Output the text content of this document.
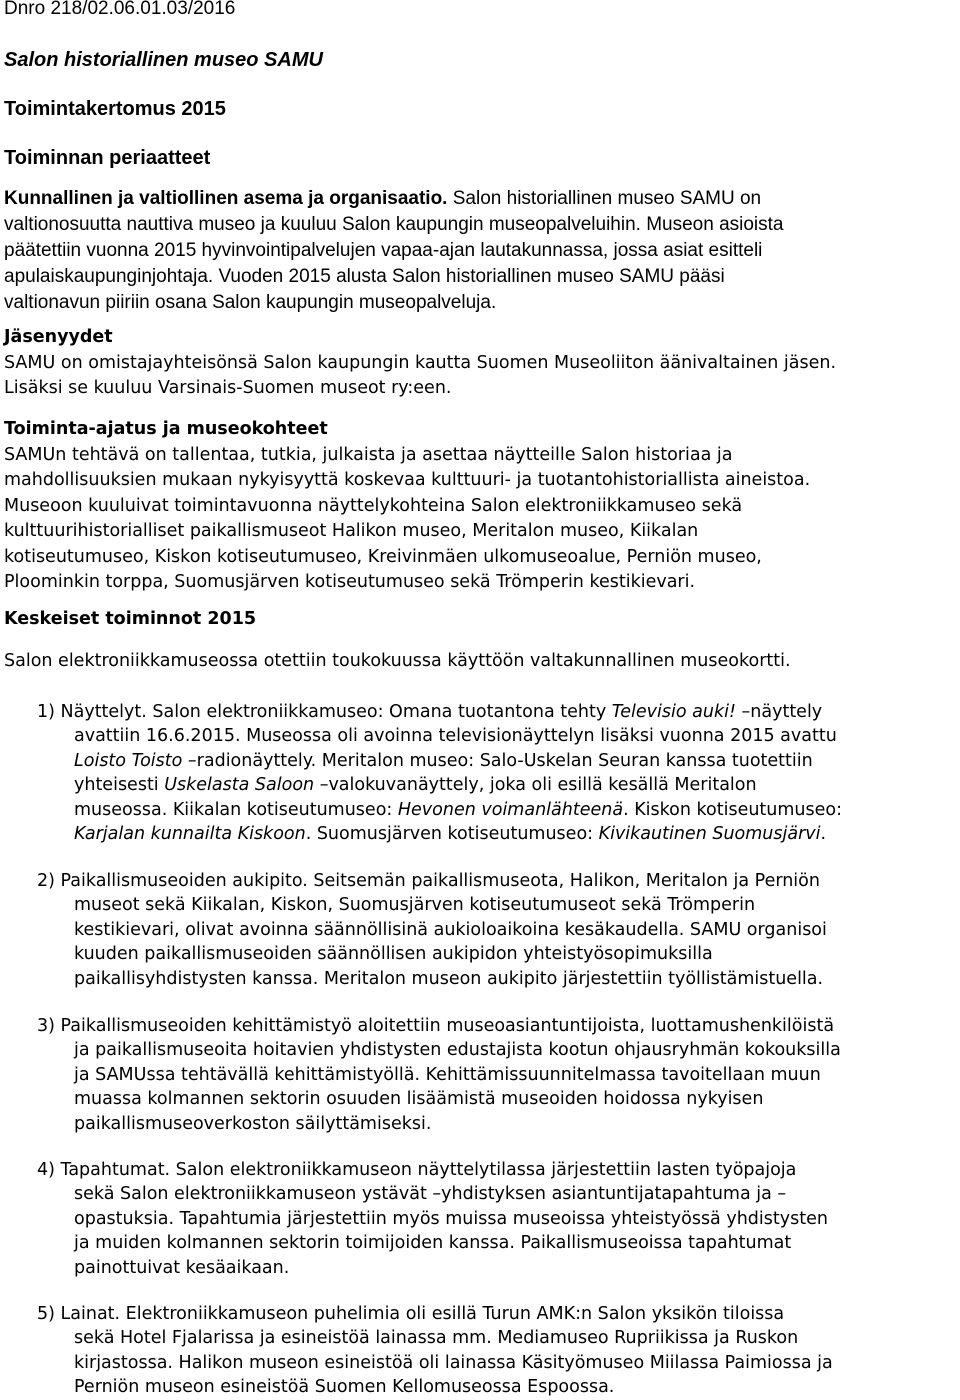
Dnro 218/02.06.01.03/2016
Salon historiallinen museo SAMU
Toimintakertomus 2015
Toiminnan periaatteet
Kunnallinen ja valtiollinen asema ja organisaatio. Salon historiallinen museo SAMU on
valtionosuutta nauttiva museo ja kuuluu Salon kaupungin museopalveluihin. Museon asioista
päätettiin vuonna 2015 hyvinvointipalvelujen vapaa-ajan lautakunnassa, jossa asiat esitteli
apulaiskaupunginjohtaja. Vuoden 2015 alusta Salon historiallinen museo SAMU pääsi
valtionavun piiriin osana Salon kaupungin museopalveluja.
Jäsenyydet
SAMU on omistajayhteisönsä Salon kaupungin kautta Suomen Museoliiton äänivaltainen jäsen.
Lisäksi se kuuluu Varsinais-Suomen museot ry:een.
Toiminta-ajatus ja museokohteet
SAMUn tehtävä on tallentaa, tutkia, julkaista ja asettaa näytteille Salon historiaa ja
mahdollisuuksien mukaan nykyisyyttä koskevaa kulttuuri- ja tuotantohistoriallista aineistoa.
Museoon kuuluivat toimintavuonna näyttelykohteina Salon elektroniikkamuseo sekä
kulttuurihistorialliset paikallismuseot Halikon museo, Meritalon museo, Kiikalan
kotiseutumuseo, Kiskon kotiseutumuseo, Kreivinmäen ulkomuseoalue, Perniön museo,
Ploominkin torppa, Suomusjärven kotiseutumuseo sekä Trömperin kestikievari.
Keskeiset toiminnot 2015
Salon elektroniikkamuseossa otettiin toukokuussa käyttöön valtakunnallinen museokortti.
1) Näyttelyt. Salon elektroniikkamuseo: Omana tuotantona tehty Televisio auki! –näyttely
avattiin 16.6.2015. Museossa oli avoinna televisionäyttelyn lisäksi vuonna 2015 avattu
Loisto Toisto –radionäyttely. Meritalon museo: Salo-Uskelan Seuran kanssa tuotettiin
yhteisesti Uskelasta Saloon –valokuvanäyttely, joka oli esillä kesällä Meritalon
museossa. Kiikalan kotiseutumuseo: Hevonen voimanlähteenä. Kiskon kotiseutumuseo:
Karjalan kunnailta Kiskoon. Suomusjärven kotiseutumuseo: Kivikautinen Suomusjärvi.
2) Paikallismuseoiden aukipito. Seitsemän paikallismuseota, Halikon, Meritalon ja Perniön
museot sekä Kiikalan, Kiskon, Suomusjärven kotiseutumuseot sekä Trömperin
kestikievari, olivat avoinna säännöllisinä aukioloaikoina kesäkaudella. SAMU organisoi
kuuden paikallismuseoiden säännöllisen aukipidon yhteistyösopimuksilla
paikallisyhdistysten kanssa. Meritalon museon aukipito järjestettiin työllistämistuella.
3) Paikallismuseoiden kehittämistyö aloitettiin museoasiantuntijoista, luottamushenkilöistä
ja paikallismuseoita hoitavien yhdistysten edustajista kootun ohjausryhmän kokouksilla
ja SAMUssa tehtävällä kehittämistyöllä. Kehittämissuunnitelmassa tavoitellaan muun
muassa kolmannen sektorin osuuden lisäämistä museoiden hoidossa nykyisen
paikallismuseoverkoston säilyttämiseksi.
4) Tapahtumat. Salon elektroniikkamuseon näyttelytilassa järjestettiin lasten työpajoja
sekä Salon elektroniikkamuseon ystävät –yhdistyksen asiantuntijatapahtuma ja –
opastuksia. Tapahtumia järjestettiin myös muissa museoissa yhteistyössä yhdistysten
ja muiden kolmannen sektorin toimijoiden kanssa. Paikallismuseoissa tapahtumat
painottuivat kesäaikaan.
5) Lainat. Elektroniikkamuseon puhelimia oli esillä Turun AMK:n Salon yksikön tiloissa
sekä Hotel Fjalarissa ja esineistöä lainassa mm. Mediamuseo Rupriikissa ja Ruskon
kirjastossa. Halikon museon esineistöä oli lainassa Käsityömuseo Miilassa Paimiossa ja
Perniön museon esineistöä Suomen Kellomuseossa Espoossa.
